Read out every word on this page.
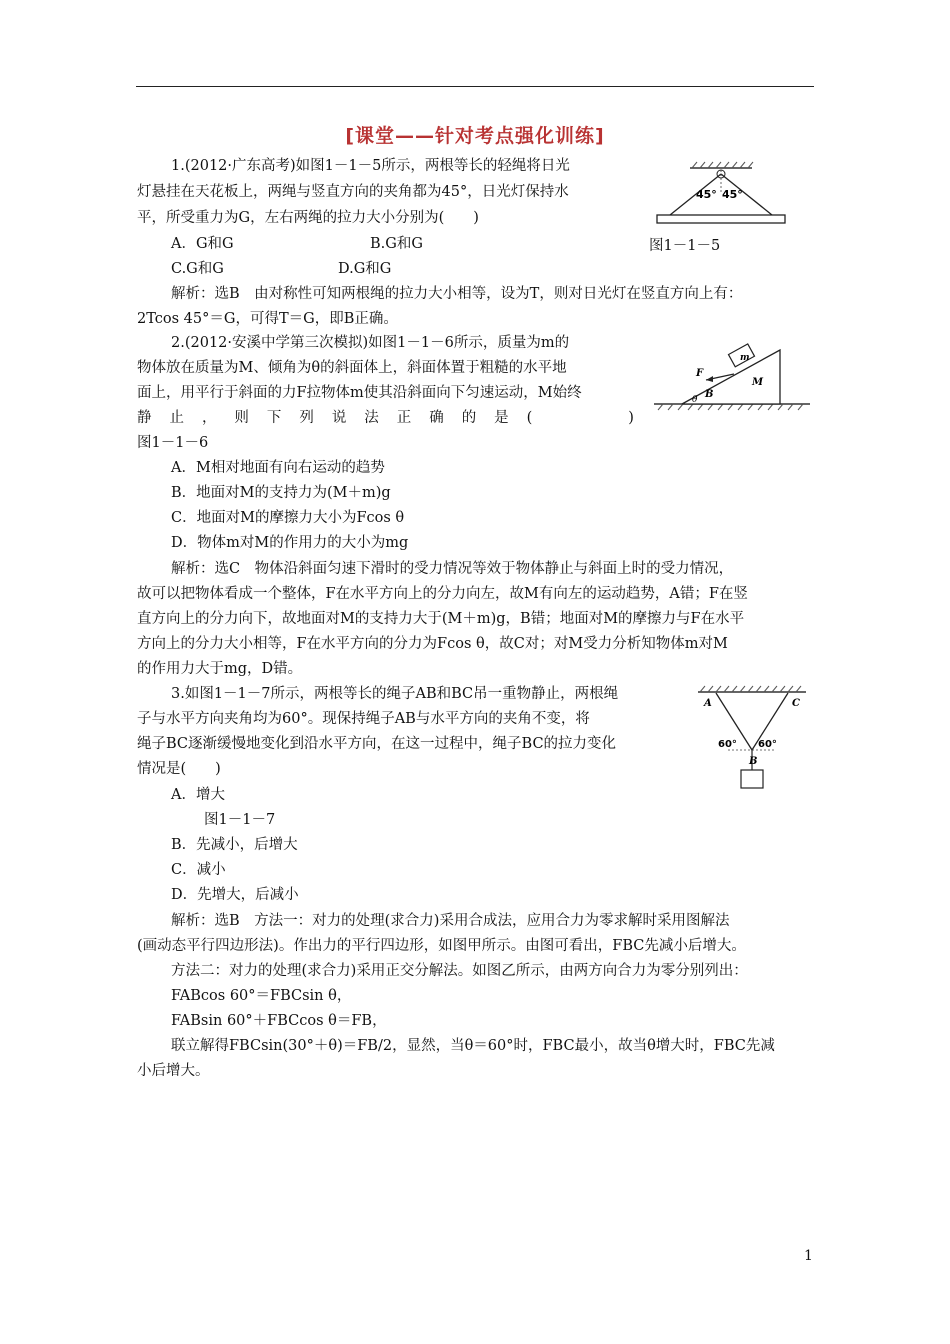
[课堂——针对考点强化训练]
1.(2012·广东高考)如图1－1－5所示，两根等长的轻绳将日光
灯悬挂在天花板上，两绳与竖直方向的夹角都为45°，日光灯保持水
平，所受重力为G，左右两绳的拉力大小分别为(　　)
A．G和G	B.G和G
C.G和G	D.G和G
45° 45°
图1－1－5
解析：选B　由对称性可知两根绳的拉力大小相等，设为T，则对日光灯在竖直方向上有：
2Tcos 45°＝G，可得T＝G，即B正确。
2.(2012·安溪中学第三次模拟)如图1－1－6所示，质量为m的
物体放在质量为M、倾角为θ的斜面体上，斜面体置于粗糙的水平地
面上，用平行于斜面的力F拉物体m使其沿斜面向下匀速运动，M始终
静 止 ， 则 下 列 说 法 正 确 的 是 (	)
图1－1－6
F
m
M
B
θ
A．M相对地面有向右运动的趋势
B．地面对M的支持力为(M＋m)g
C．地面对M的摩擦力大小为Fcos θ
D．物体m对M的作用力的大小为mg
解析：选C　物体沿斜面匀速下滑时的受力情况等效于物体静止与斜面上时的受力情况，
故可以把物体看成一个整体，F在水平方向上的分力向左，故M有向左的运动趋势，A错；F在竖
直方向上的分力向下，故地面对M的支持力大于(M＋m)g，B错；地面对M的摩擦力与F在水平
方向上的分力大小相等，F在水平方向的分力为Fcos θ，故C对；对M受力分析知物体m对M
的作用力大于mg，D错。
3.如图1－1－7所示，两根等长的绳子AB和BC吊一重物静止，两根绳
子与水平方向夹角均为60°。现保持绳子AB与水平方向的夹角不变，将
绳子BC逐渐缓慢地变化到沿水平方向，在这一过程中，绳子BC的拉力变化
情况是(　　)
A	C
B
60° 60°
A．增大
图1－1－7
B．先减小，后增大
C．减小
D．先增大，后减小
解析：选B　方法一：对力的处理(求合力)采用合成法，应用合力为零求解时采用图解法
(画动态平行四边形法)。作出力的平行四边形，如图甲所示。由图可看出，FBC先减小后增大。
方法二：对力的处理(求合力)采用正交分解法。如图乙所示，由两方向合力为零分别列出：
FABcos 60°＝FBCsin θ，
FABsin 60°＋FBCcos θ＝FB，
联立解得FBCsin(30°＋θ)＝FB/2，显然，当θ＝60°时，FBC最小，故当θ增大时，FBC先减
小后增大。
1
